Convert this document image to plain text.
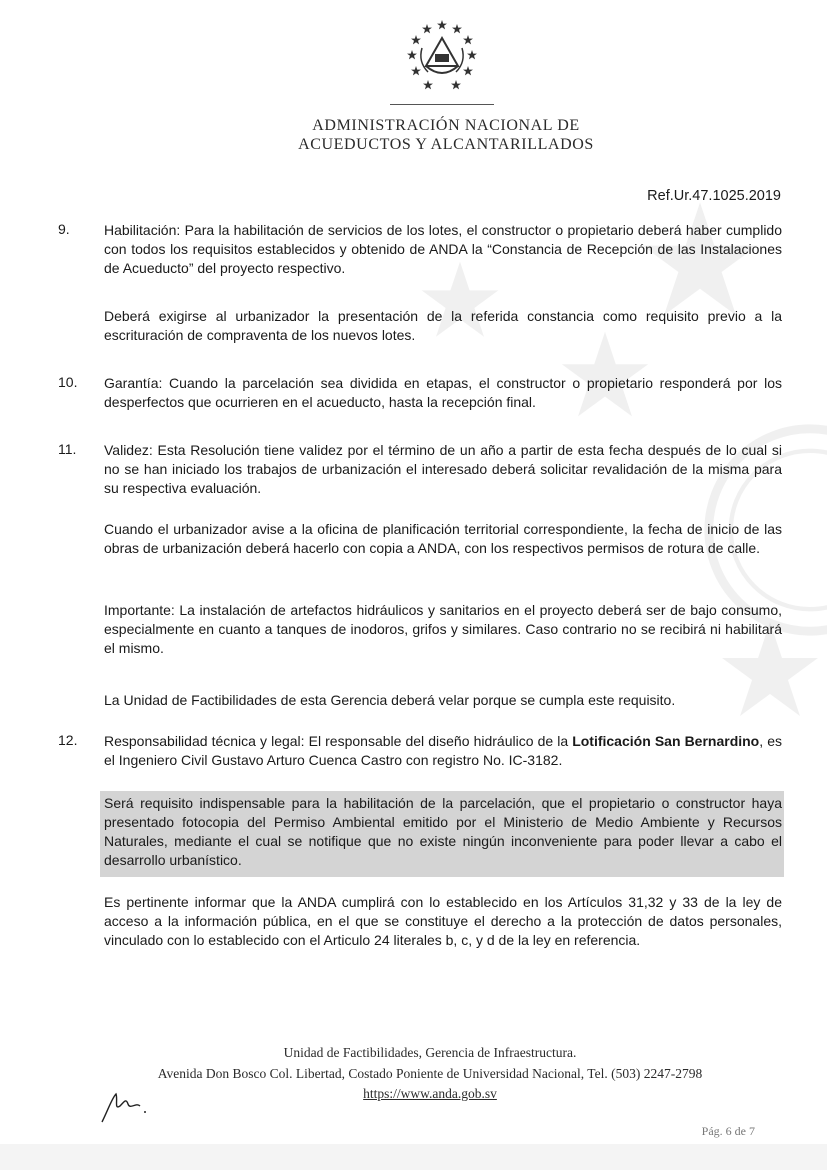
ADMINISTRACIÓN NACIONAL DE
ACUEDUCTOS Y ALCANTARILLADOS
Ref.Ur.47.1025.2019
9. Habilitación: Para la habilitación de servicios de los lotes, el constructor o propietario deberá haber cumplido con todos los requisitos establecidos y obtenido de ANDA la “Constancia de Recepción de las Instalaciones de Acueducto” del proyecto respectivo.
Deberá exigirse al urbanizador la presentación de la referida constancia como requisito previo a la escrituración de compraventa de los nuevos lotes.
10. Garantía: Cuando la parcelación sea dividida en etapas, el constructor o propietario responderá por los desperfectos que ocurrieren en el acueducto, hasta la recepción final.
11. Validez: Esta Resolución tiene validez por el término de un año a partir de esta fecha después de lo cual si no se han iniciado los trabajos de urbanización el interesado deberá solicitar revalidación de la misma para su respectiva evaluación.
Cuando el urbanizador avise a la oficina de planificación territorial correspondiente, la fecha de inicio de las obras de urbanización deberá hacerlo con copia a ANDA, con los respectivos permisos de rotura de calle.
Importante: La instalación de artefactos hidráulicos y sanitarios en el proyecto deberá ser de bajo consumo, especialmente en cuanto a tanques de inodoros, grifos y similares. Caso contrario no se recibirá ni habilitará el mismo.
La Unidad de Factibilidades de esta Gerencia deberá velar porque se cumpla este requisito.
12. Responsabilidad técnica y legal: El responsable del diseño hidráulico de la Lotificación San Bernardino, es el Ingeniero Civil Gustavo Arturo Cuenca Castro con registro No. IC-3182.
Será requisito indispensable para la habilitación de la parcelación, que el propietario o constructor haya presentado fotocopia del Permiso Ambiental emitido por el Ministerio de Medio Ambiente y Recursos Naturales, mediante el cual se notifique que no existe ningún inconveniente para poder llevar a cabo el desarrollo urbanístico.
Es pertinente informar que la ANDA cumplirá con lo establecido en los Artículos 31,32 y 33 de la ley de acceso a la información pública, en el que se constituye el derecho a la protección de datos personales, vinculado con lo establecido con el Articulo 24 literales b, c, y d de la ley en referencia.
Unidad de Factibilidades, Gerencia de Infraestructura.
Avenida Don Bosco Col. Libertad, Costado Poniente de Universidad Nacional, Tel. (503) 2247-2798
https://www.anda.gob.sv
Pág. 6 de 7
